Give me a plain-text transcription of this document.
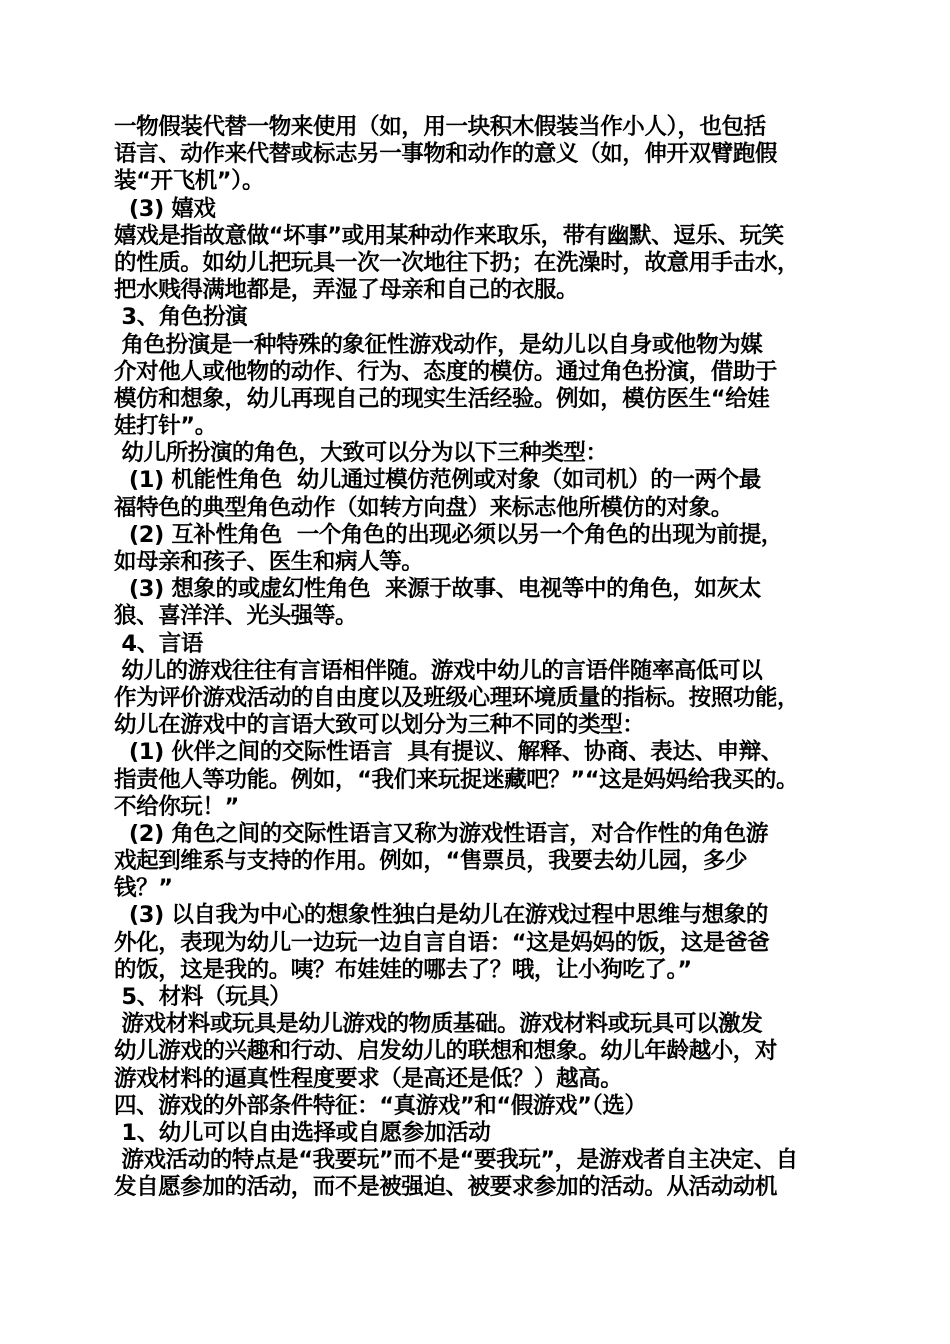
一物假装代替一物来使用（如，用一块积木假装当作小人），也包括
语言、动作来代替或标志另一事物和动作的意义（如，伸开双臂跑假
装“开飞机”）。
(3) 嬉戏
嬉戏是指故意做“坏事”或用某种动作来取乐，带有幽默、逗乐、玩笑
的性质。如幼儿把玩具一次一次地往下扔；在洗澡时，故意用手击水，
把水贱得满地都是，弄湿了母亲和自己的衣服。
3、角色扮演
角色扮演是一种特殊的象征性游戏动作，是幼儿以自身或他物为媒
介对他人或他物的动作、行为、态度的模仿。通过角色扮演，借助于
模仿和想象，幼儿再现自己的现实生活经验。例如，模仿医生“给娃
娃打针”。
幼儿所扮演的角色，大致可以分为以下三种类型：
(1) 机能性角色  幼儿通过模仿范例或对象（如司机）的一两个最
福特色的典型角色动作（如转方向盘）来标志他所模仿的对象。
(2) 互补性角色  一个角色的出现必须以另一个角色的出现为前提，
如母亲和孩子、医生和病人等。
(3) 想象的或虚幻性角色  来源于故事、电视等中的角色，如灰太
狼、喜洋洋、光头强等。
4、言语
幼儿的游戏往往有言语相伴随。游戏中幼儿的言语伴随率高低可以
作为评价游戏活动的自由度以及班级心理环境质量的指标。按照功能，
幼儿在游戏中的言语大致可以划分为三种不同的类型：
(1) 伙伴之间的交际性语言  具有提议、解释、协商、表达、申辩、
指责他人等功能。例如，“我们来玩捉迷藏吧？”“这是妈妈给我买的。
不给你玩！”
(2) 角色之间的交际性语言又称为游戏性语言，对合作性的角色游
戏起到维系与支持的作用。例如，“售票员，我要去幼儿园，多少
钱？”
(3) 以自我为中心的想象性独白是幼儿在游戏过程中思维与想象的
外化，表现为幼儿一边玩一边自言自语：“这是妈妈的饭，这是爸爸
的饭，这是我的。咦？布娃娃的哪去了？哦，让小狗吃了。”
5、材料（玩具）
游戏材料或玩具是幼儿游戏的物质基础。游戏材料或玩具可以激发
幼儿游戏的兴趣和行动、启发幼儿的联想和想象。幼儿年龄越小，对
游戏材料的逼真性程度要求（是高还是低？）越高。
四、游戏的外部条件特征：“真游戏”和“假游戏”（选）
1、幼儿可以自由选择或自愿参加活动
游戏活动的特点是“我要玩”而不是“要我玩”，是游戏者自主决定、自
发自愿参加的活动，而不是被强迫、被要求参加的活动。从活动动机
